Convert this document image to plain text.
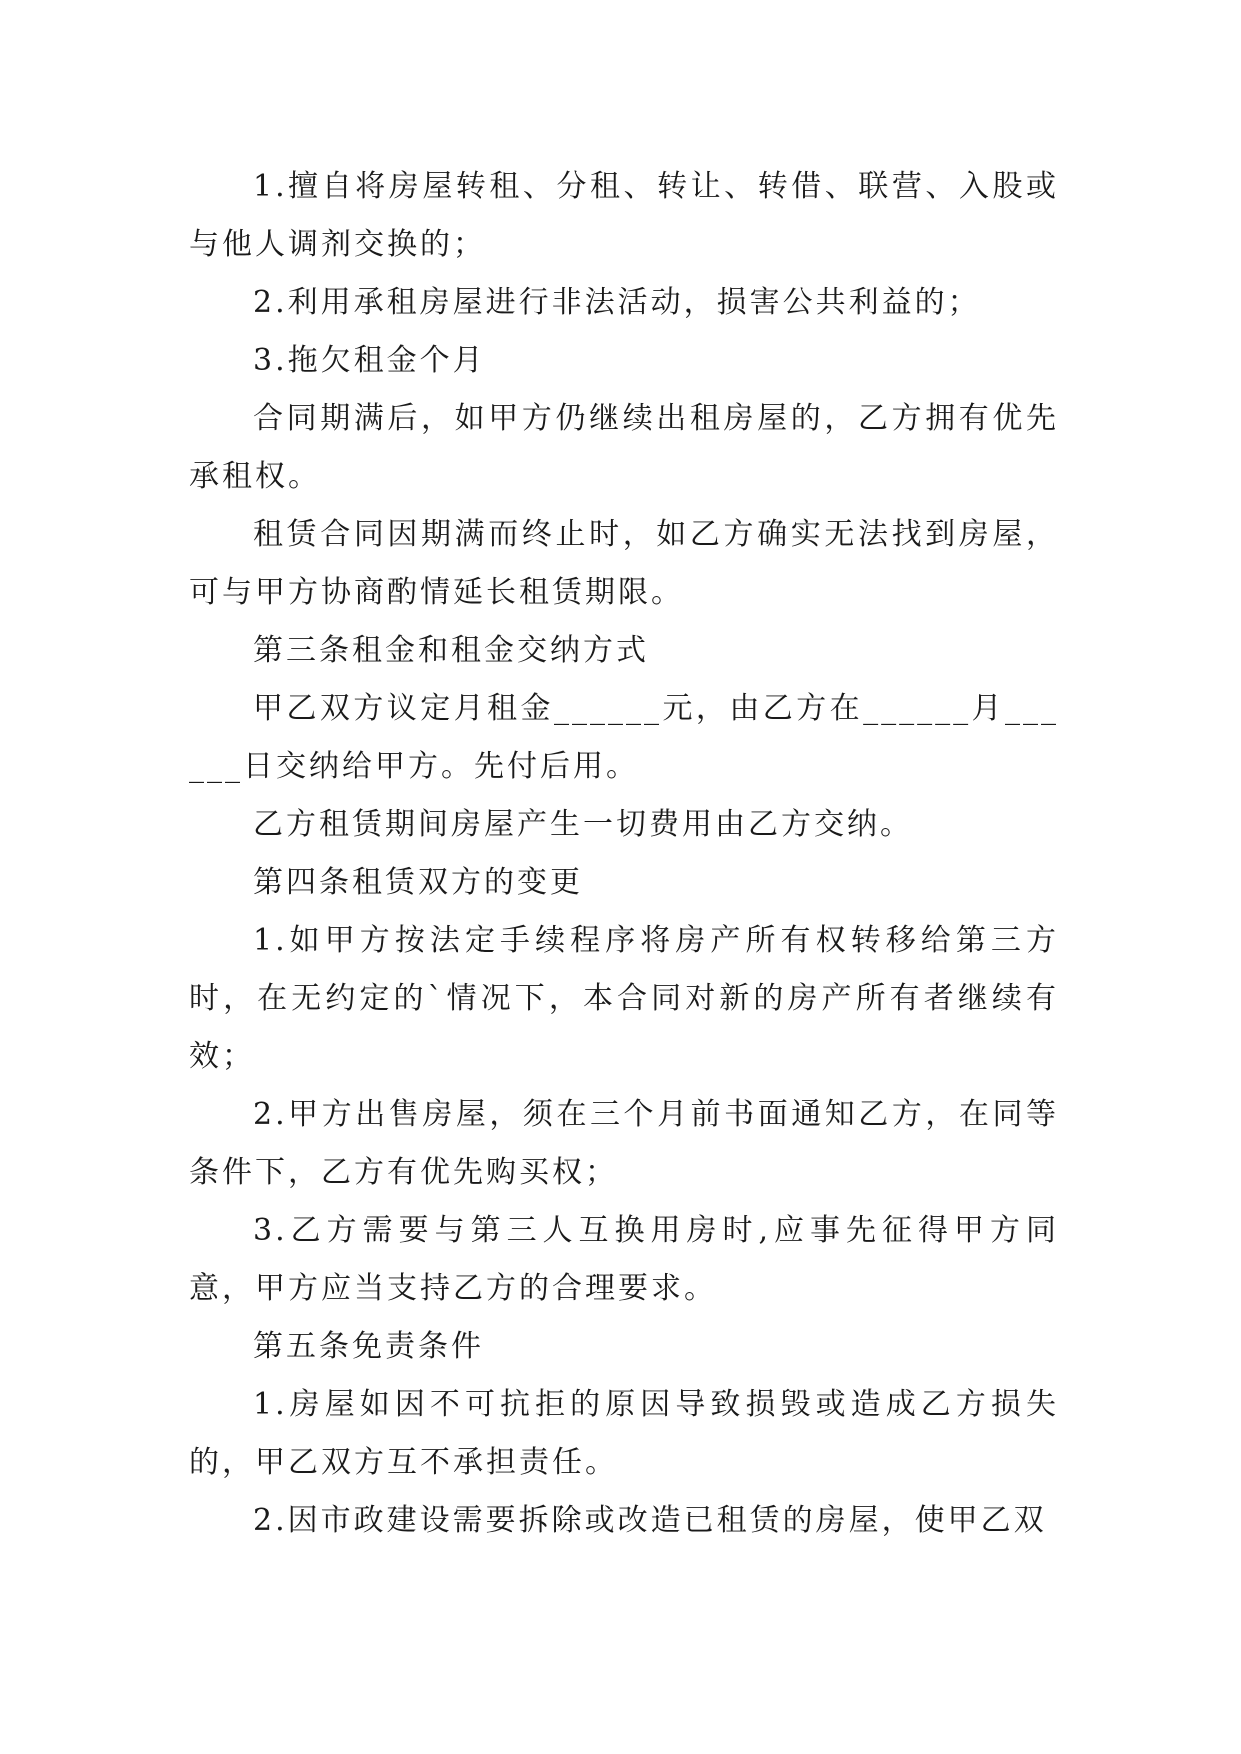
1.擅自将房屋转租、分租、转让、转借、联营、入股或与他人调剂交换的；

2.利用承租房屋进行非法活动，损害公共利益的；

3.拖欠租金个月

合同期满后，如甲方仍继续出租房屋的，乙方拥有优先承租权。

租赁合同因期满而终止时，如乙方确实无法找到房屋，可与甲方协商酌情延长租赁期限。

第三条租金和租金交纳方式

甲乙双方议定月租金______元，由乙方在______月______日交纳给甲方。先付后用。

乙方租赁期间房屋产生一切费用由乙方交纳。

第四条租赁双方的变更

1.如甲方按法定手续程序将房产所有权转移给第三方时，在无约定的`情况下，本合同对新的房产所有者继续有效；

2.甲方出售房屋，须在三个月前书面通知乙方，在同等条件下，乙方有优先购买权；

3.乙方需要与第三人互换用房时,应事先征得甲方同意，甲方应当支持乙方的合理要求。

第五条免责条件

1.房屋如因不可抗拒的原因导致损毁或造成乙方损失的，甲乙双方互不承担责任。

2.因市政建设需要拆除或改造已租赁的房屋，使甲乙双
